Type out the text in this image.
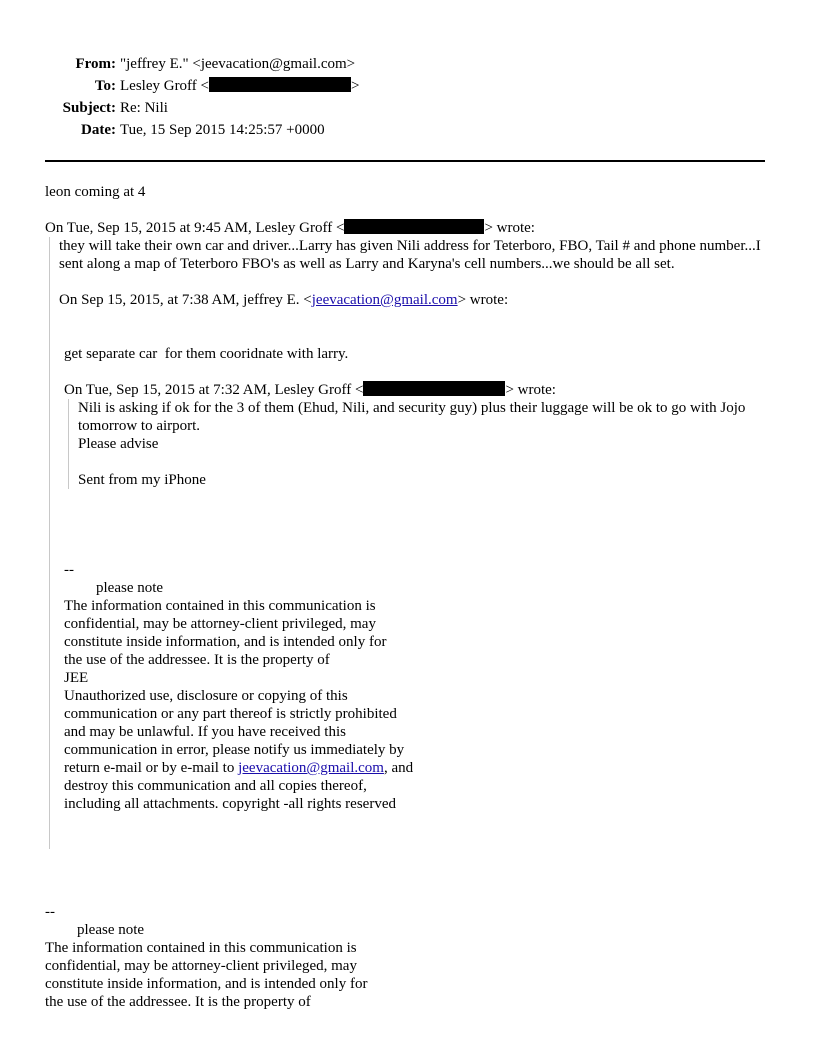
From: "jeffrey E." <jeevacation@gmail.com>
To: Lesley Groff <	>
Subject: Re: Nili
Date: Tue, 15 Sep 2015 14:25:57 +0000

leon coming at 4

On Tue, Sep 15, 2015 at 9:45 AM, Lesley Groff <	> wrote:

they will take their own car and driver...Larry has given Nili address for Teterboro, FBO, Tail # and phone number...I sent along a map of Teterboro FBO's as well as Larry and Karyna's cell numbers...we should be all set.

On Sep 15, 2015, at 7:38 AM, jeffrey E. <jeevacation@gmail.com> wrote:

get separate car  for them cooridnate with larry.

On Tue, Sep 15, 2015 at 7:32 AM, Lesley Groff <	> wrote:

Nili is asking if ok for the 3 of them (Ehud, Nili, and security guy) plus their luggage will be ok to go with Jojo tomorrow to airport.

Please advise

Sent from my iPhone

--

please note

The information contained in this communication is

confidential, may be attorney-client privileged, may

constitute inside information, and is intended only for

the use of the addressee. It is the property of

JEE

Unauthorized use, disclosure or copying of this

communication or any part thereof is strictly prohibited

and may be unlawful. If you have received this

communication in error, please notify us immediately by

return e-mail or by e-mail to jeevacation@gmail.com, and

destroy this communication and all copies thereof,

including all attachments. copyright -all rights reserved

--

please note

The information contained in this communication is

confidential, may be attorney-client privileged, may

constitute inside information, and is intended only for

the use of the addressee. It is the property of
